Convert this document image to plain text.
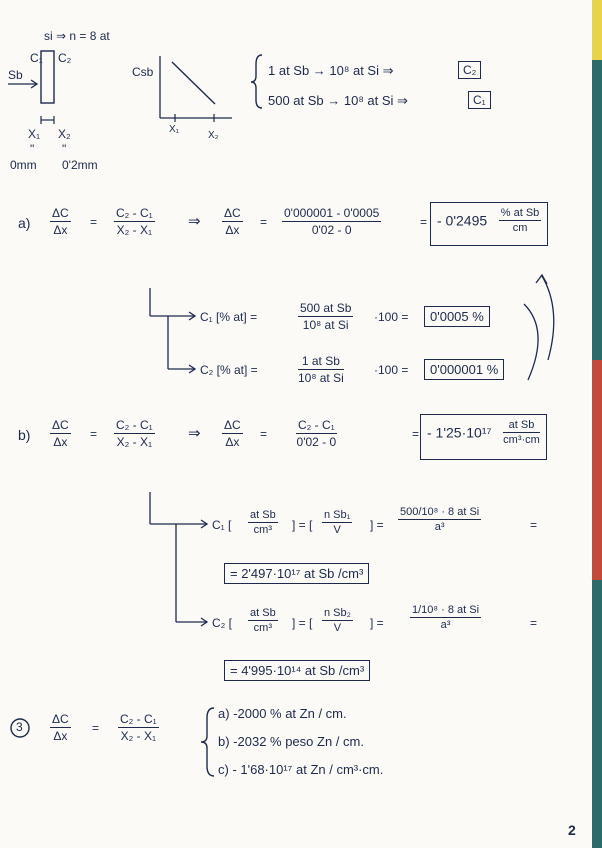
si ⇒ n = 8 at
C₁ C₂
Sb
X₁ X₂
" "
0mm 0'2mm
Csb
X₁
X₂
1 at Sb → 10⁸ at Si ⇒	C₂
500 at Sb → 10⁸ at Si ⇒	C₁
$a) \frac{\Delta C}{\Delta x} = \frac{\text{C₂ - C₁}}{\text{X₂ - X₁}}$ ⇒ $\frac{\Delta C}{\Delta x} = \frac{0'000001 - 0'0005}{0'02 - 0}$	= - $0'2495 \frac{\text{\% at Sb}}{cm}$
C₁ [% at] =	$\frac{\text{500 at Sb}}{\text{10⁸ at Si}} \cdot 100$ =	0'0005 %
C₂ [% at] =	$\frac{\text{1 at Sb}}{\text{10⁸ at Si}}$	·100 =	0'000001 %
$b) \frac{\Delta C}{\Delta x} = \frac{\text{C₂ - C₁}}{\text{X₂ - X₁}}$ ⇒ $\frac{\Delta C}{\Delta x} = \frac{\text{C₂ - C₁}}{0'02 - 0}$	= - $1'25\cdot 10^{17} \frac{\text{at Sb}}{\text{cm³·cm}}$
C₁ [ $\frac{\text{at Sb}}{\text{cm³}}$ ] = [ $\frac{\text{n Sb₁}}{V}$ ] = $\frac{\text{500/10⁸ · 8 at Si}}{\text{a³}}$	=
= 2'497·10¹⁷ at Sb /cm³
C₂ [ $\frac{\text{at Sb}}{\text{cm³}}$ ] = [ $\frac{\text{n Sb₂}}{V}$ ] = $\frac{\text{1/10⁸ · 8 at Si}}{\text{a³}}$	=
= 4'995·10¹⁴ at Sb /cm³
$3 \frac{\Delta C}{\Delta x} = \frac{\text{C₂ - C₁}}{\text{X₂ - X₁}}$	a) -2000 % at Zn / cm.
b) -2032 % peso Zn / cm.
c) - 1'68·10¹⁷ at Zn / cm³·cm.
2
